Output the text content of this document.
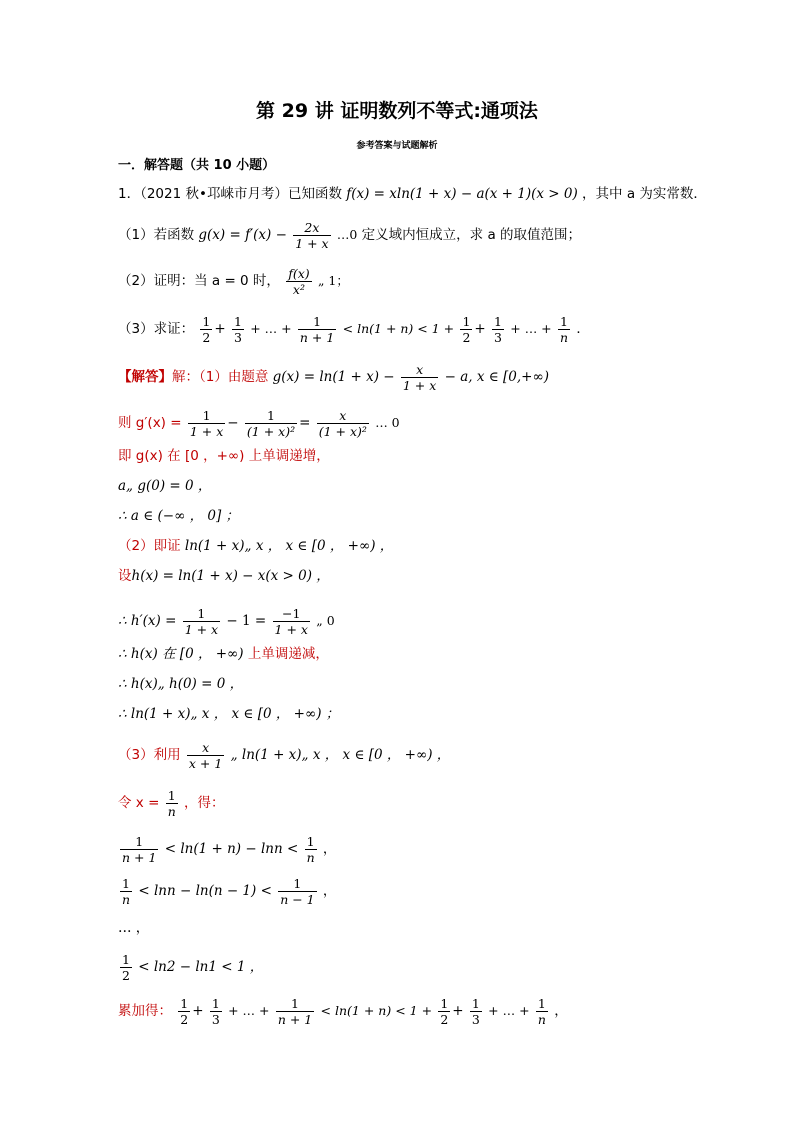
第 29 讲 证明数列不等式:通项法
参考答案与试题解析
一．解答题（共 10 小题）
1．（2021 秋•邛崃市月考）已知函数 f(x) = xln(1 + x) − a(x + 1)(x > 0) ，其中 a 为实常数．
（1）若函数 $g(x) = f'(x) - \frac{2x}{1 + x}$ …0 定义域内恒成立，求 a 的取值范围；
（2）证明：当 a = 0 时， $\frac{f(x)}{\text{x²}}$ „ 1；
（3）求证： $\frac{1}{2} + \frac{1}{3}$ + … + $\frac{1}{n + 1} < \ln(1 + n) < 1 + \frac{1}{2} + \frac{1}{3}$ + … + $\frac{1}{n}$ ．
【解答】解：（1）由题意 $g(x) = \ln(1 + x) - \frac{x}{1 + x} - a$, x ∈ [0,+∞)
则 $g'(x) = \frac{1}{1 + x} - \frac{1}{\text{(1 + x)²}} = \frac{x}{\text{(1 + x)²}}$ … 0
即 g(x) 在 [0 ，+∞) 上单调递增，
a„ g(0) = 0 ，
∴ a ∈ (−∞ ， 0] ；
（2）即证 ln(1 + x)„ x ， x ∈ [0 ， +∞) ，
设h(x) = ln(1 + x) − x(x > 0) ，
∴ $h'(x) = \frac{1}{1 + x} - 1 = \frac{-1}{1 + x}$ „ 0
∴ h(x) 在 [0 ， +∞) 上单调递减，
∴ h(x)„ h(0) = 0 ，
∴ ln(1 + x)„ x ， x ∈ [0 ， +∞) ；
（3）利用 $\frac{x}{x + 1}$ „ ln(1 + x)„ x ， x ∈ [0 ， +∞) ，
令 $x = \frac{1}{n}$ ，得：
$\frac{1}{n + 1} < \ln(1 + n) - \ln n < \frac{1}{n}$ ，
$\frac{1}{n} < \ln n - \ln(n - 1) < \frac{1}{n - 1}$ ，
… ，
$\frac{1}{2} < \ln 2 - \ln 1 < 1$ ，
累加得： $\frac{1}{2} + \frac{1}{3}$ + … + $\frac{1}{n + 1} < \ln(1 + n) < 1 + \frac{1}{2} + \frac{1}{3}$ + … + $\frac{1}{n}$ ，
